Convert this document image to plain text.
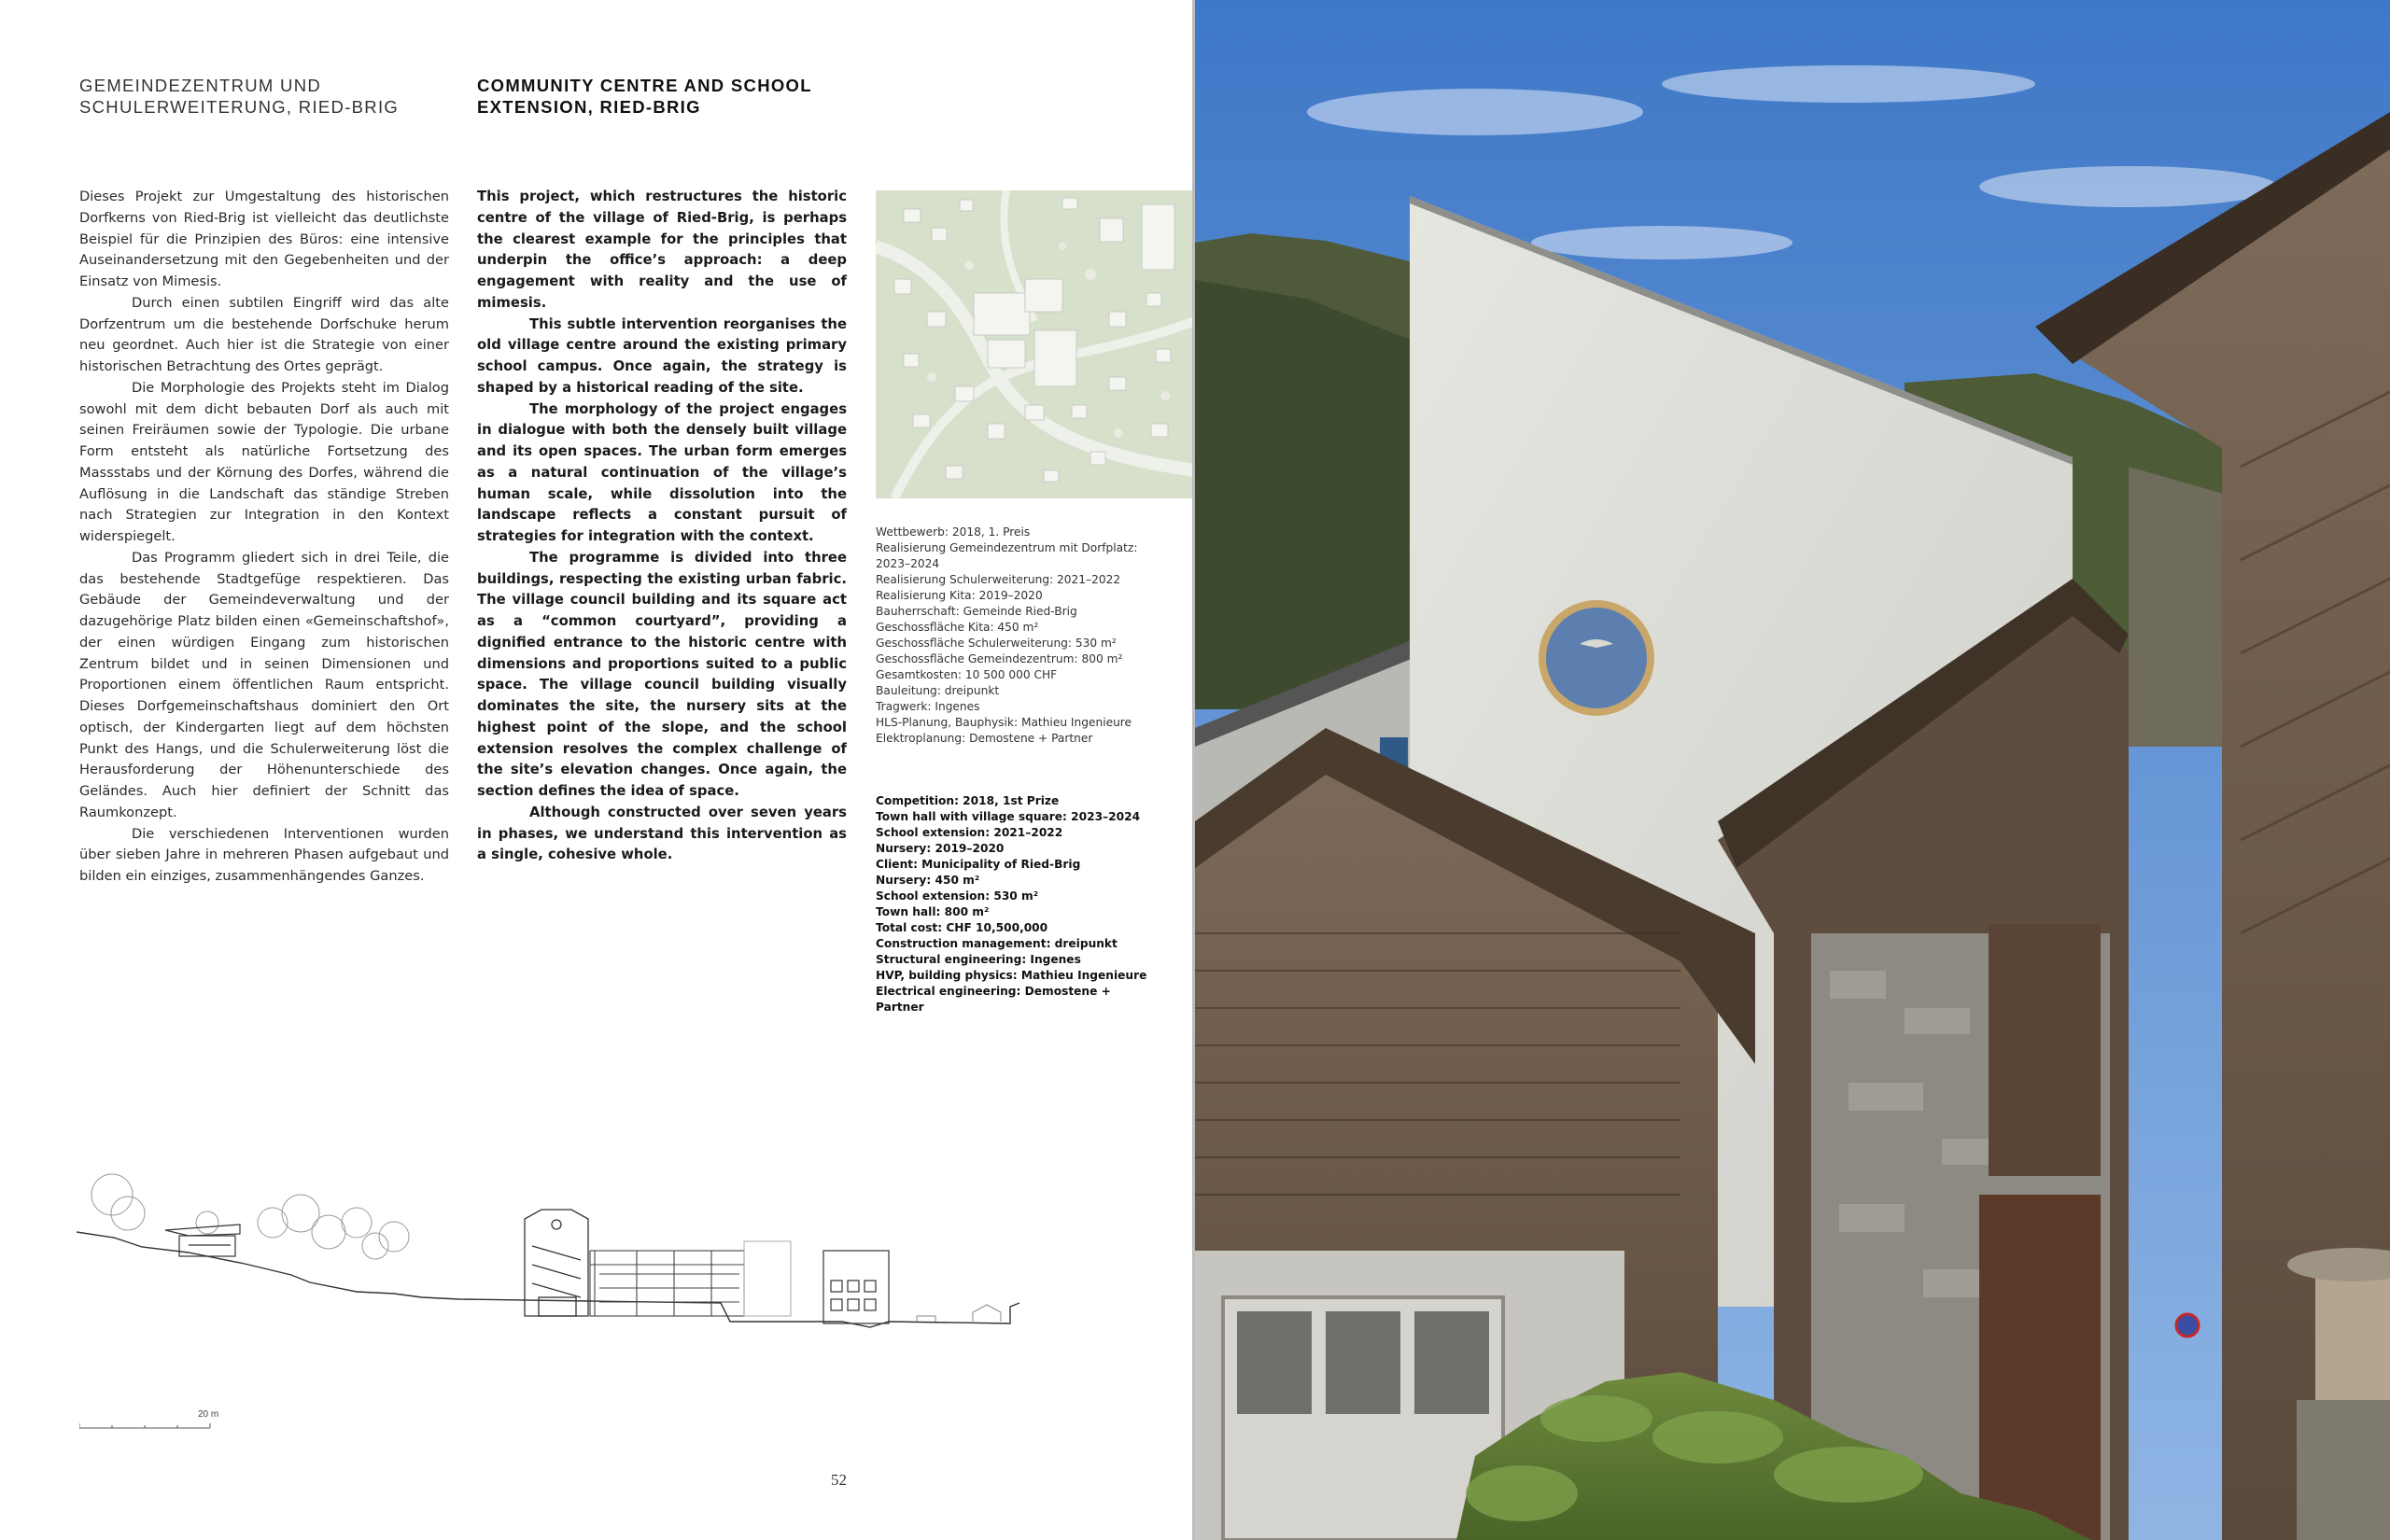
GEMEINDEZENTRUM UND
SCHULERWEITERUNG, RIED-BRIG
COMMUNITY CENTRE AND SCHOOL
EXTENSION, RIED-BRIG

Dieses Projekt zur Umgestaltung des historischen Dorfkerns von Ried-Brig ist vielleicht das deutlichste Beispiel für die Prinzipien des Büros: eine intensive Auseinandersetzung mit den Gegebenheiten und der Einsatz von Mimesis.

Durch einen subtilen Eingriff wird das alte Dorfzentrum um die bestehende Dorfschuke herum neu geordnet. Auch hier ist die Strategie von einer historischen Betrachtung des Ortes geprägt.

Die Morphologie des Projekts steht im Dialog sowohl mit dem dicht bebauten Dorf als auch mit seinen Freiräumen sowie der Typologie. Die urbane Form entsteht als natürliche Fortsetzung des Massstabs und der Körnung des Dorfes, während die Auflösung in die Landschaft das ständige Streben nach Strategien zur Integration in den Kontext widerspiegelt.

Das Programm gliedert sich in drei Teile, die das bestehende Stadtgefüge respektieren. Das Gebäude der Gemeindeverwaltung und der dazugehörige Platz bilden einen «Gemeinschaftshof», der einen würdigen Eingang zum historischen Zentrum bildet und in seinen Dimensionen und Proportionen einem öffentlichen Raum entspricht. Dieses Dorfgemeinschaftshaus dominiert den Ort optisch, der Kindergarten liegt auf dem höchsten Punkt des Hangs, und die Schulerweiterung löst die Herausforderung der Höhenunterschiede des Geländes. Auch hier definiert der Schnitt das Raumkonzept.

Die verschiedenen Interventionen wurden über sieben Jahre in mehreren Phasen aufgebaut und bilden ein einziges, zusammenhängendes Ganzes.

This project, which restructures the historic centre of the village of Ried-Brig, is perhaps the clearest example for the principles that underpin the office’s approach: a deep engagement with reality and the use of mimesis.

This subtle intervention reorganises the old village centre around the existing primary school campus. Once again, the strategy is shaped by a historical reading of the site.

The morphology of the project engages in dialogue with both the densely built village and its open spaces. The urban form emerges as a natural continuation of the village’s human scale, while dissolution into the landscape reflects a constant pursuit of strategies for integration with the context.

The programme is divided into three buildings, respecting the existing urban fabric. The village council building and its square act as a “common courtyard”, providing a dignified entrance to the historic centre with dimensions and proportions suited to a public space. The village council building visually dominates the site, the nursery sits at the highest point of the slope, and the school extension resolves the complex challenge of the site’s elevation changes. Once again, the section defines the idea of space.

Although constructed over seven years in phases, we understand this intervention as a single, cohesive whole.

Wettbewerb: 2018, 1. Preis
Realisierung Gemeindezentrum mit Dorfplatz: 2023–2024
Realisierung Schulerweiterung: 2021–2022
Realisierung Kita: 2019–2020
Bauherrschaft: Gemeinde Ried-Brig
Geschossfläche Kita: 450 m²
Geschossfläche Schulerweiterung: 530 m²
Geschossfläche Gemeindezentrum: 800 m²
Gesamtkosten: 10 500 000 CHF
Bauleitung: dreipunkt
Tragwerk: Ingenes
HLS-Planung, Bauphysik: Mathieu Ingenieure
Elektroplanung: Demostene + Partner
Competition: 2018, 1st Prize
Town hall with village square: 2023–2024
School extension: 2021–2022
Nursery: 2019–2020
Client: Municipality of Ried-Brig
Nursery: 450 m²
School extension: 530 m²
Town hall: 800 m²
Total cost: CHF 10,500,000
Construction management: dreipunkt
Structural engineering: Ingenes
HVP, building physics: Mathieu Ingenieure
Electrical engineering: Demostene + Partner
20 m
52
